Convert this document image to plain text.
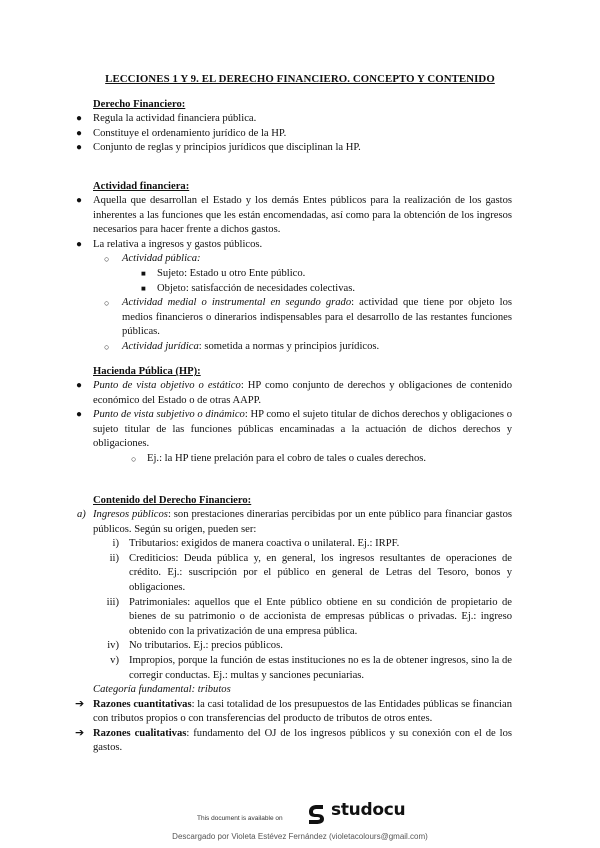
LECCIONES 1 Y 9. EL DERECHO FINANCIERO. CONCEPTO Y CONTENIDO
Derecho Financiero:
● Regula la actividad financiera pública.
● Constituye el ordenamiento jurídico de la HP.
● Conjunto de reglas y principios jurídicos que disciplinan la HP.
Actividad financiera:
● Aquella que desarrollan el Estado y los demás Entes públicos para la realización de los gastos inherentes a las funciones que les están encomendadas, así como para la obtención de los ingresos necesarios para hacer frente a dichos gastos.
● La relativa a ingresos y gastos públicos.
○ Actividad pública:
■ Sujeto: Estado u otro Ente público.
■ Objeto: satisfacción de necesidades colectivas.
○ Actividad medial o instrumental en segundo grado: actividad que tiene por objeto los medios financieros o dinerarios indispensables para el desarrollo de las restantes funciones públicas.
○ Actividad jurídica: sometida a normas y principios jurídicos.
Hacienda Pública (HP):
● Punto de vista objetivo o estático: HP como conjunto de derechos y obligaciones de contenido económico del Estado o de otras AAPP.
● Punto de vista subjetivo o dinámico: HP como el sujeto titular de dichos derechos y obligaciones o sujeto titular de las funciones públicas encaminadas a la actuación de dichos derechos y obligaciones.
○ Ej.: la HP tiene prelación para el cobro de tales o cuales derechos.
Contenido del Derecho Financiero:
a) Ingresos públicos: son prestaciones dinerarias percibidas por un ente público para financiar gastos públicos. Según su origen, pueden ser:
i) Tributarios: exigidos de manera coactiva o unilateral. Ej.: IRPF.
ii) Crediticios: Deuda pública y, en general, los ingresos resultantes de operaciones de crédito. Ej.: suscripción por el público en general de Letras del Tesoro, bonos y obligaciones.
iii) Patrimoniales: aquellos que el Ente público obtiene en su condición de propietario de bienes de su patrimonio o de accionista de empresas públicas o privadas. Ej.: ingreso obtenido con la privatización de una empresa pública.
iv) No tributarios. Ej.: precios públicos.
v) Impropios, porque la función de estas instituciones no es la de obtener ingresos, sino la de corregir conductas. Ej.: multas y sanciones pecuniarias.
Categoría fundamental: tributos
➔ Razones cuantitativas: la casi totalidad de los presupuestos de las Entidades públicas se financian con tributos propios o con transferencias del producto de tributos de otros entes.
➔ Razones cualitativas: fundamento del OJ de los ingresos públicos y su conexión con el de los gastos.
This document is available on	studocu
Descargado por Violeta Estévez Fernández (violetacolours@gmail.com)
